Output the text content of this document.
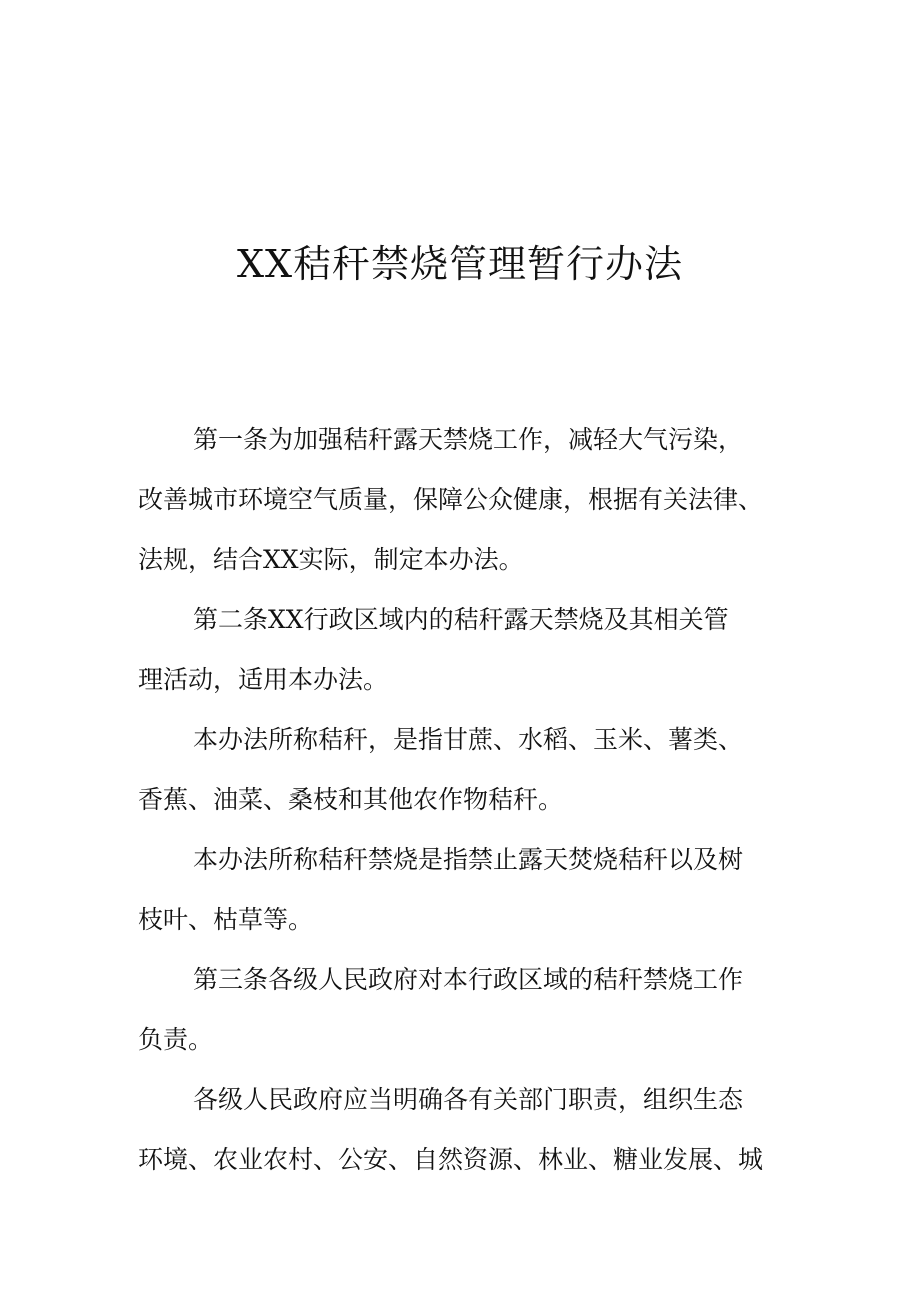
XX秸秆禁烧管理暂行办法

第一条为加强秸秆露天禁烧工作，减轻大气污染，
改善城市环境空气质量，保障公众健康，根据有关法律、
法规，结合XX实际，制定本办法。

第二条XX行政区域内的秸秆露天禁烧及其相关管
理活动，适用本办法。

本办法所称秸秆，是指甘蔗、水稻、玉米、薯类、
香蕉、油菜、桑枝和其他农作物秸秆。

本办法所称秸秆禁烧是指禁止露天焚烧秸秆以及树
枝叶、枯草等。

第三条各级人民政府对本行政区域的秸秆禁烧工作
负责。

各级人民政府应当明确各有关部门职责，组织生态
环境、农业农村、公安、自然资源、林业、糖业发展、城
